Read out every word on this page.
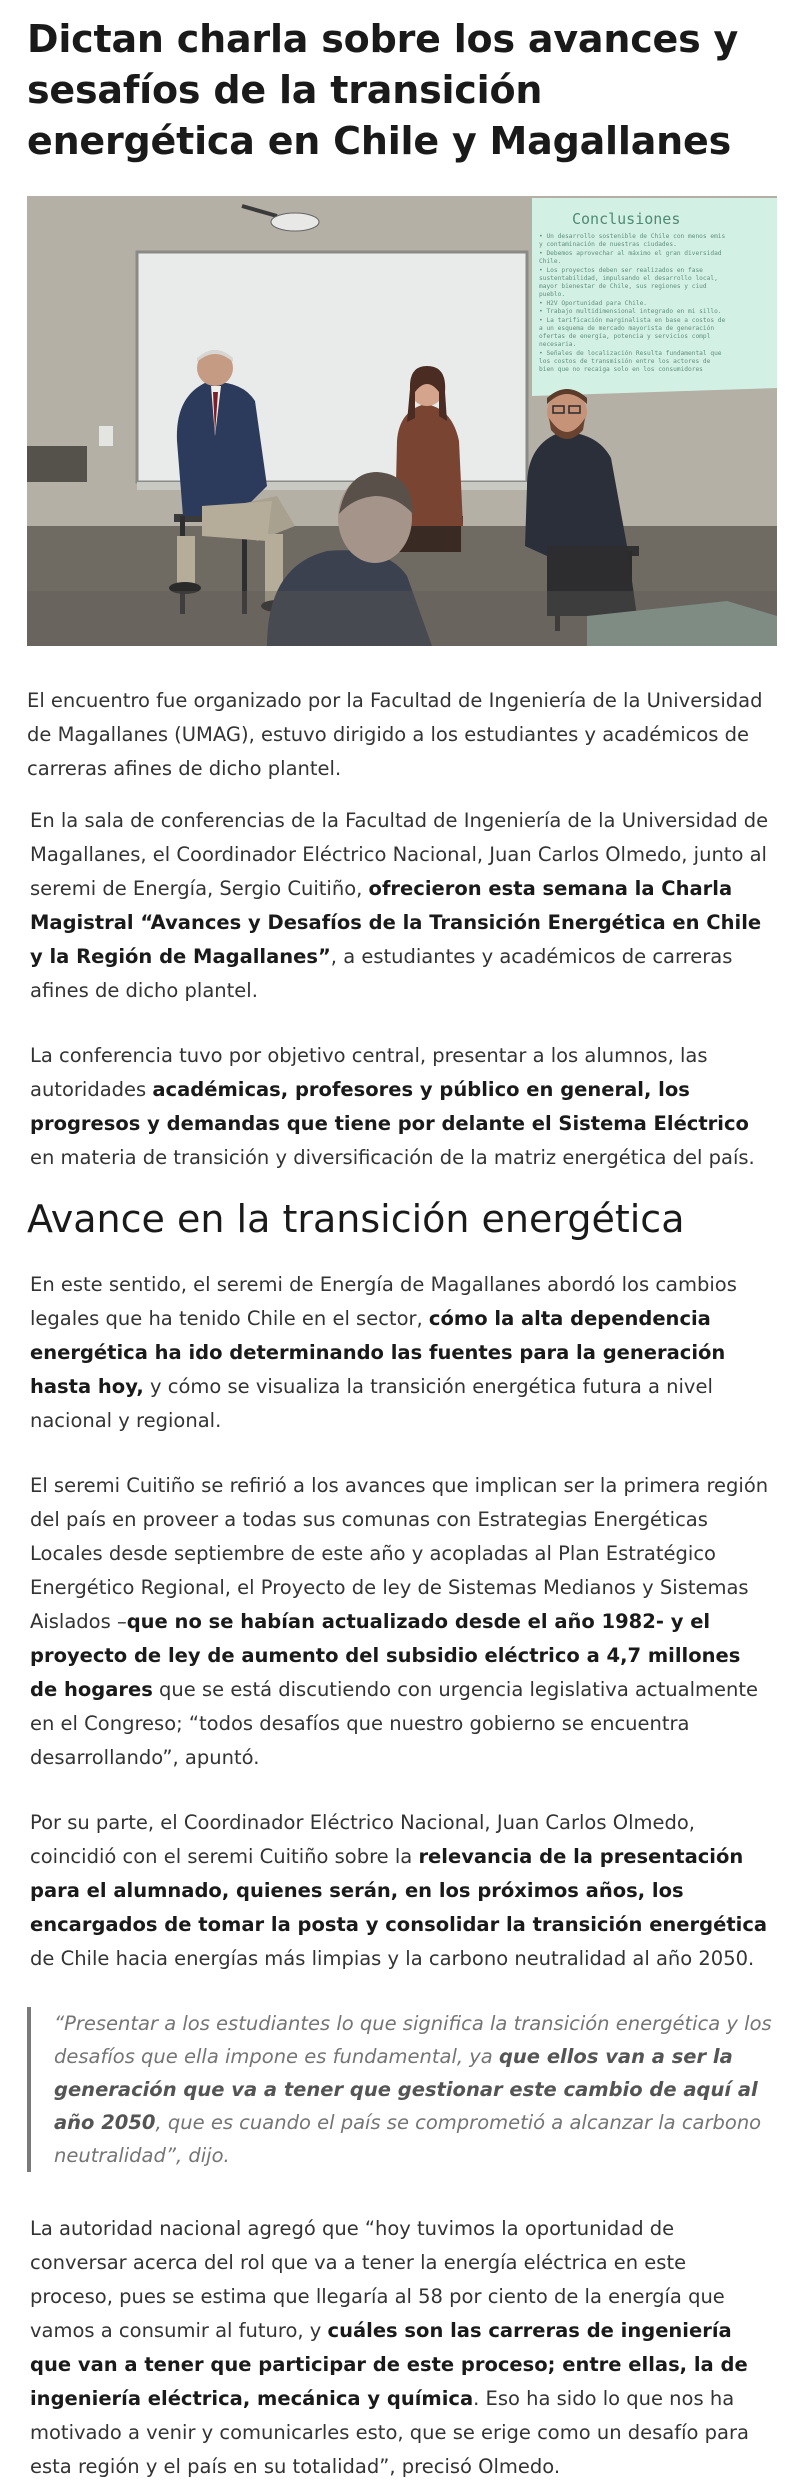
Dictan charla sobre los avances y sesafíos de la transición energética en Chile y Magallanes
Conclusiones
• Un desarrollo sostenible de Chile con menos emis
y contaminación de nuestras ciudades.
• Debemos aprovechar al máximo el gran diversidad
Chile.
• Los proyectos deben ser realizados en fase
sustentabilidad, impulsando el desarrollo local,
mayor bienestar de Chile, sus regiones y ciud
pueblo.
• H2V Oportunidad para Chile.
• Trabajo multidimensional integrado en mi sillo.
• La tarificación marginalista en base a costos de
a un esquema de mercado mayorista de generación
ofertas de energía, potencia y servicios compl
necesaria.
• Señales de localización Resulta fundamental que
los costos de transmisión entre los actores de
bien que no recaiga solo en los consumidores

El encuentro fue organizado por la Facultad de Ingeniería de la Universidad de Magallanes (UMAG), estuvo dirigido a los estudiantes y académicos de carreras afines de dicho plantel.

En la sala de conferencias de la Facultad de Ingeniería de la Universidad de Magallanes, el Coordinador Eléctrico Nacional, Juan Carlos Olmedo, junto al seremi de Energía, Sergio Cuitiño, ofrecieron esta semana la Charla Magistral “Avances y Desafíos de la Transición Energética en Chile y la Región de Magallanes”, a estudiantes y académicos de carreras afines de dicho plantel.

La conferencia tuvo por objetivo central, presentar a los alumnos, las autoridades académicas, profesores y público en general, los progresos y demandas que tiene por delante el Sistema Eléctrico en materia de transición y diversificación de la matriz energética del país.

Avance en la transición energética

En este sentido, el seremi de Energía de Magallanes abordó los cambios legales que ha tenido Chile en el sector, cómo la alta dependencia energética ha ido determinando las fuentes para la generación hasta hoy, y cómo se visualiza la transición energética futura a nivel nacional y regional.

El seremi Cuitiño se refirió a los avances que implican ser la primera región del país en proveer a todas sus comunas con Estrategias Energéticas Locales desde septiembre de este año y acopladas al Plan Estratégico Energético Regional, el Proyecto de ley de Sistemas Medianos y Sistemas Aislados –que no se habían actualizado desde el año 1982- y el proyecto de ley de aumento del subsidio eléctrico a 4,7 millones de hogares que se está discutiendo con urgencia legislativa actualmente en el Congreso; “todos desafíos que nuestro gobierno se encuentra desarrollando”, apuntó.

Por su parte, el Coordinador Eléctrico Nacional, Juan Carlos Olmedo, coincidió con el seremi Cuitiño sobre la relevancia de la presentación para el alumnado, quienes serán, en los próximos años, los encargados de tomar la posta y consolidar la transición energética de Chile hacia energías más limpias y la carbono neutralidad al año 2050.

“Presentar a los estudiantes lo que significa la transición energética y los desafíos que ella impone es fundamental, ya que ellos van a ser la generación que va a tener que gestionar este cambio de aquí al año 2050, que es cuando el país se comprometió a alcanzar la carbono neutralidad”, dijo.

La autoridad nacional agregó que “hoy tuvimos la oportunidad de conversar acerca del rol que va a tener la energía eléctrica en este proceso, pues se estima que llegaría al 58 por ciento de la energía que vamos a consumir al futuro, y cuáles son las carreras de ingeniería que van a tener que participar de este proceso; entre ellas, la de ingeniería eléctrica, mecánica y química. Eso ha sido lo que nos ha motivado a venir y comunicarles esto, que se erige como un desafío para esta región y el país en su totalidad”, precisó Olmedo.
